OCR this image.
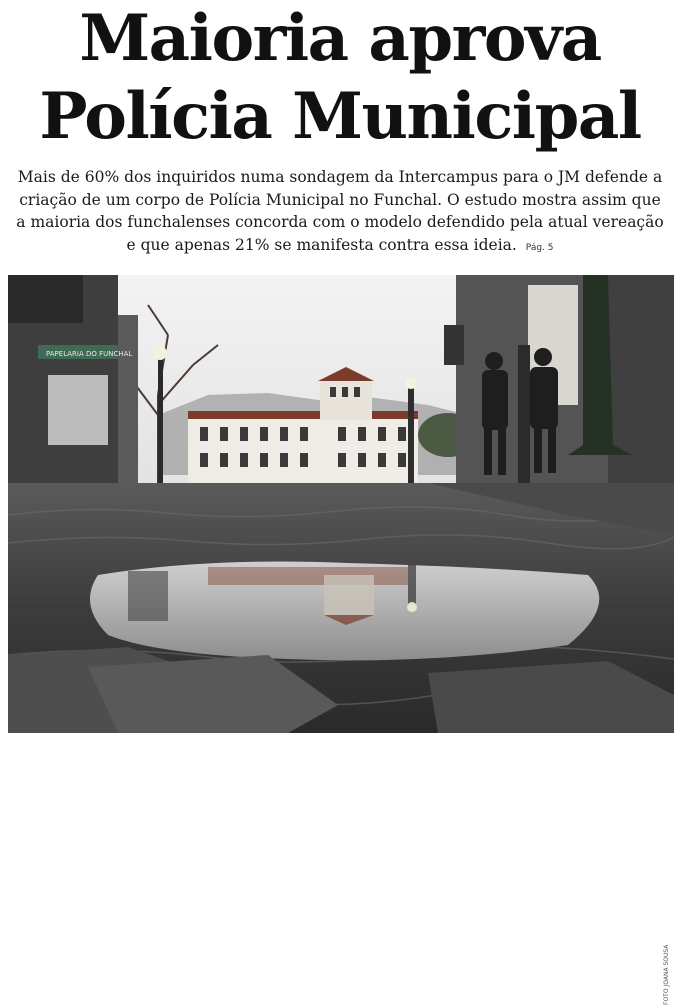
Maioria aprova
Polícia Municipal

Mais de 60% dos inquiridos numa sondagem da Intercampus para o JM defende a criação de um corpo de Polícia Municipal no Funchal. O estudo mostra assim que a maioria dos funchalenses concorda com o modelo defendido pela atual vereação e que apenas 21% se manifesta contra essa ideia. Pág. 5

PAPELARIA DO FUNCHAL
FOTO JOANA SOUSA
